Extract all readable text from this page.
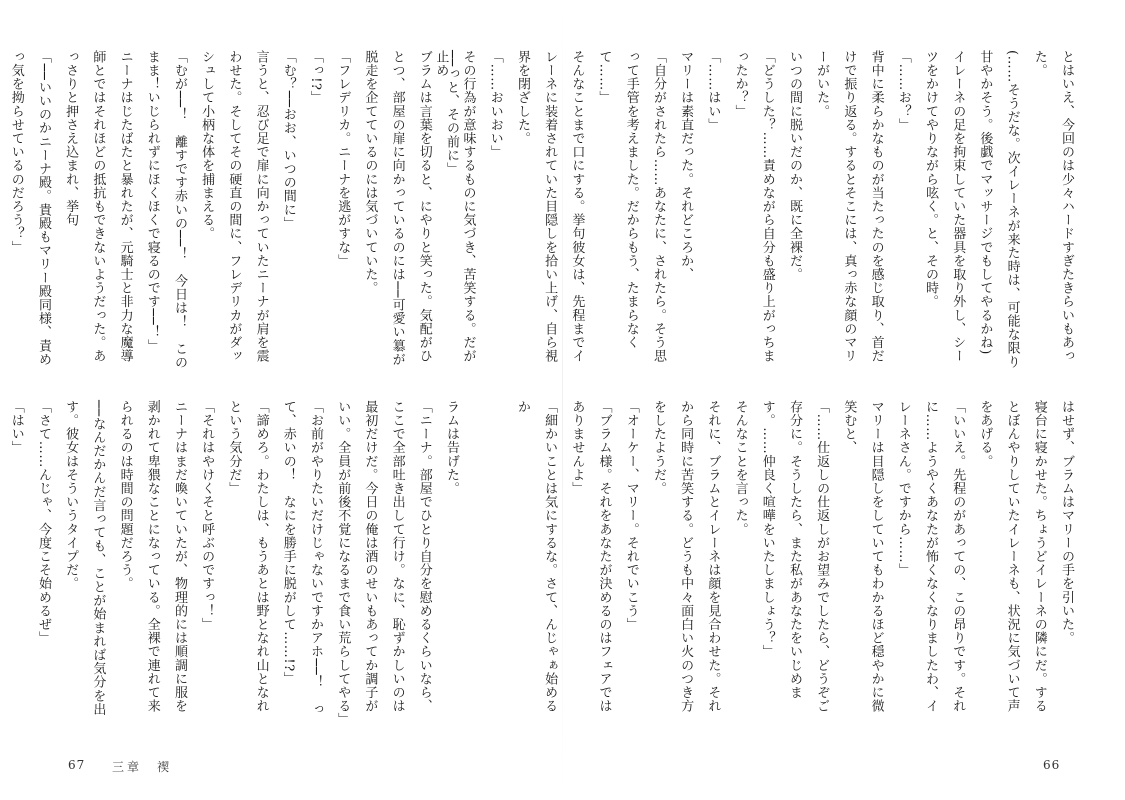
とはいえ、今回のは少々ハードすぎたきらいもあった。

(……そうだな。次イレーネが来た時は、可能な限り甘やかそう。後戯でマッサージでもしてやるかね)

イレーネの足を拘束していた器具を取り外し、シーツをかけてやりながら呟く。と、その時。

「……お？」

背中に柔らかなものが当たったのを感じ取り、首だけで振り返る。するとそこには、真っ赤な顔のマリーがいた。

いつの間に脱いだのか、既に全裸だ。

「どうした？……責めながら自分も盛り上がっちまったか？」

「……はい」

マリーは素直だった。それどころか、

「自分がされたら……あなたに、されたら。そう思って手管を考えました。だからもう、たまらなくて……」

そんなことまで口にする。挙句彼女は、先程までイレーネに装着されていた目隠しを拾い上げ、自ら視界を閉ざした。

「……おいおい」

その行為が意味するものに気づき、苦笑する。だが止め

はせず、ブラムはマリーの手を引いた。

寝台に寝かせた。ちょうどイレーネの隣にだ。するとぼんやりしていたイレーネも、状況に気づいて声をあげる。

「いいえ。先程のがあっての、この昂りです。それに……ようやくあなたが怖くなくなりましたわ、イレーネさん。ですから……」

マリーは目隠しをしていてもわかるほど穏やかに微笑むと、

「……仕返しの仕返しがお望みでしたら、どうぞご存分に。そうしたら、また私があなたをいじめます。……仲良く喧嘩をいたしましょう？」

そんなことを言った。

それに、ブラムとイレーネは顔を見合わせた。それから同時に苦笑する。どうも中々面白い火のつき方をしたようだ。

「オーケー、マリー。それでいこう」

「ブラム様。それをあなたが決めるのはフェアではありませんよ」

「細かいことは気にするな。さて、んじゃぁ始めるか

──っと、その前に」

ブラムは言葉を切ると、にやりと笑った。気配がひとつ、部屋の扉に向かっているのには──可愛い簒が脱走を企てているのには気づいていた。

「フレデリカ。ニーナを逃がすな」

「っ!?」

「む？──おお、いつの間に」

言うと、忍び足で扉に向かっていたニーナが肩を震わせた。そしてその硬直の間に、フレデリカがダッシュして小柄な体を捕まえる。

「むが──！　離すです赤いの──！　今日は！　このまま！いじられずにほくほくで寝るのです──！」

ニーナはじたばたと暴れたが、元騎士と非力な魔導師とではそれほどの抵抗もできないようだった。あっさりと押さえ込まれ、挙句

「──いいのかニーナ殿。貴殿もマリー殿同様、責めっ気を拗らせているのだろう？」

ラムは告げた。

「ニーナ。部屋でひとり自分を慰めるくらいなら、ここで全部吐き出して行け。なに、恥ずかしいのは最初だけだ。今日の俺は酒のせいもあってか調子がいい。全員が前後不覚になるまで食い荒らしてやる」

「お前がやりたいだけじゃないですかアホ──！　って、赤いの！　なにを勝手に脱がして……!?」

「諦めろ。わたしは、もうあとは野となれ山となれという気分だ」

「それはやけくそと呼ぶのですっ！」

ニーナはまだ喚いていたが、物理的には順調に服を剥かれて卑猥なことになっている。全裸で連れて来られるのは時間の問題だろう。

──なんだかんだ言っても、ことが始まれば気分を出す。彼女はそういうタイプだ。

「さて……んじゃ、今度こそ始めるぜ」

「はい」

67 三章　禊	66
